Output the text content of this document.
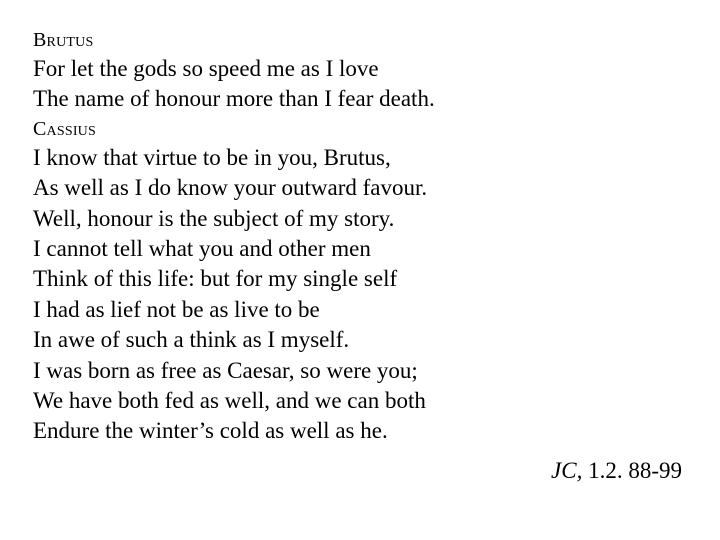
Brutus
For let the gods so speed me as I love
The name of honour more than I fear death.
Cassius
I know that virtue to be in you, Brutus,
As well as I do know your outward favour.
Well, honour is the subject of my story.
I cannot tell what you and other men
Think of this life: but for my single self
I had as lief not be as live to be
In awe of such a think as I myself.
I was born as free as Caesar, so were you;
We have both fed as well, and we can both
Endure the winter’s cold as well as he.
JC, 1.2. 88-99
